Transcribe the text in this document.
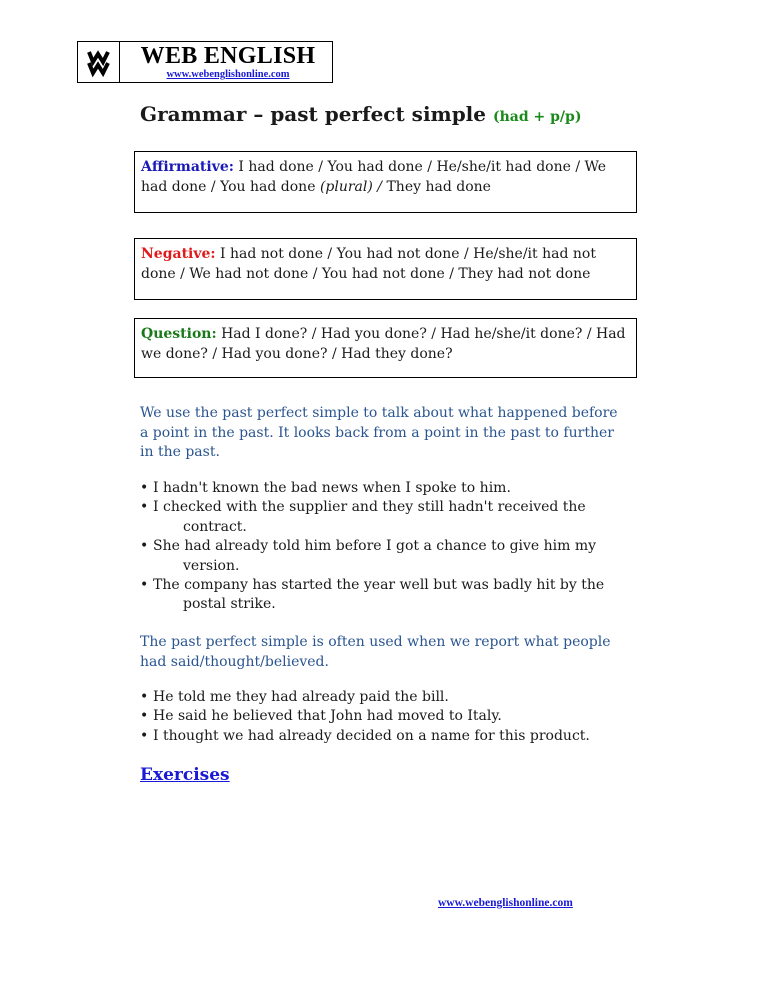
WEB ENGLISH
www.webenglishonline.com
Grammar – past perfect simple (had + p/p)
Affirmative: I had done / You had done / He/she/it had done / We had done / You had done (plural) / They had done
Negative: I had not done / You had not done / He/she/it had not done / We had not done / You had not done / They had not done
Question: Had I done? / Had you done? / Had he/she/it done? / Had we done? / Had you done? / Had they done?
We use the past perfect simple to talk about what happened before a point in the past. It looks back from a point in the past to further in the past.
• I hadn't known the bad news when I spoke to him.
• I checked with the supplier and they still hadn't received the
contract.
• She had already told him before I got a chance to give him my
version.
• The company has started the year well but was badly hit by the
postal strike.
The past perfect simple is often used when we report what people had said/thought/believed.
• He told me they had already paid the bill.
• He said he believed that John had moved to Italy.
• I thought we had already decided on a name for this product.
Exercises
www.webenglishonline.com
